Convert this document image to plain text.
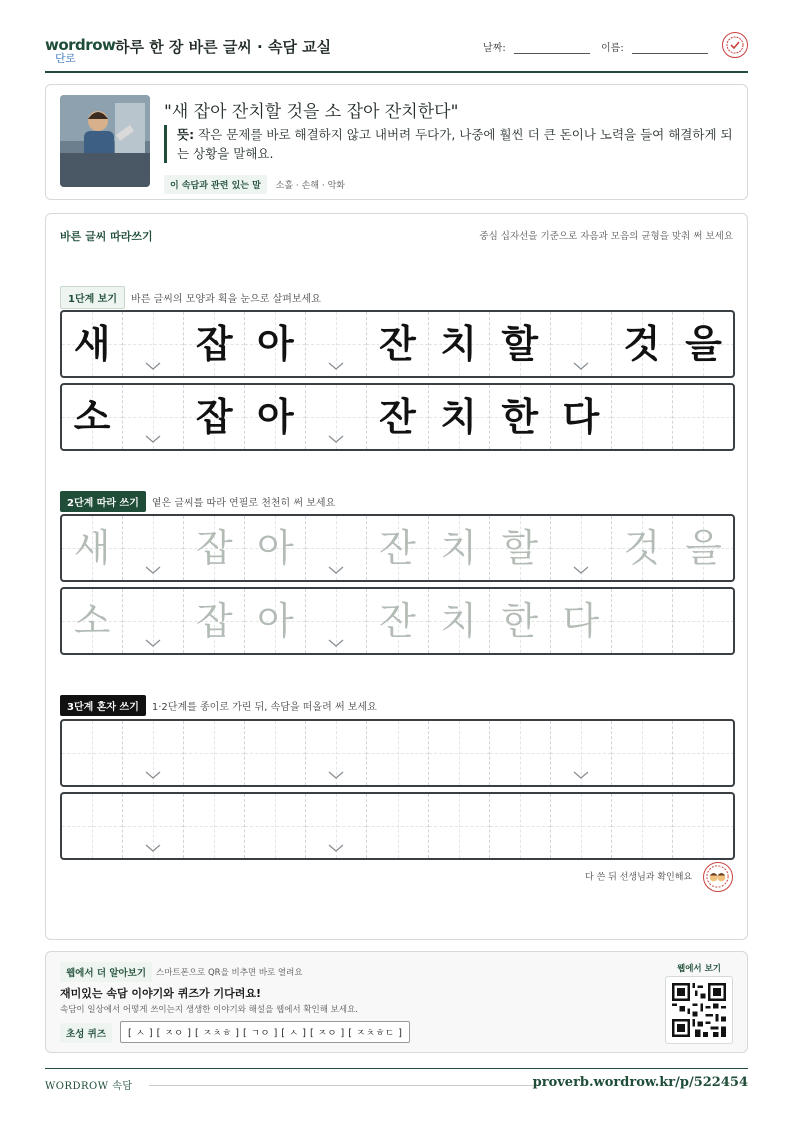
wordrow
단로
하루 한 장 바른 글씨 · 속담 교실	날짜:	이름:
"새 잡아 잔치할 것을 소 잡아 잔치한다"
뜻: 작은 문제를 바로 해결하지 않고 내버려 두다가, 나중에 훨씬 더 큰 돈이나 노력을 들여 해결하게 되는 상황을 말해요.
이 속담과 관련 있는 말 소홀 · 손해 · 악화
바른 글씨 따라쓰기	중심 십자선을 기준으로 자음과 모음의 균형을 맞춰 써 보세요
1단계 보기 바른 글씨의 모양과 획을 눈으로 살펴보세요
새 잡 아 잔 치 할 것 을
소 잡 아 잔 치 한 다
2단계 따라 쓰기 옅은 글씨를 따라 연필로 천천히 써 보세요
새 잡 아 잔 치 할 것 을
소 잡 아 잔 치 한 다
3단계 혼자 쓰기 1·2단계를 종이로 가린 뒤, 속담을 떠올려 써 보세요
다 쓴 뒤 선생님과 확인해요
웹에서 더 알아보기	스마트폰으로 QR을 비추면 바로 열려요
재미있는 속담 이야기와 퀴즈가 기다려요!
속담이 일상에서 어떻게 쓰이는지 생생한 이야기와 해설을 웹에서 확인해 보세요.
초성 퀴즈	[ ㅅ ] [ ㅈㅇ ] [ ㅈㅊㅎ ] [ ㄱㅇ ] [ ㅅ ] [ ㅈㅇ ] [ ㅈㅊㅎㄷ ]
웹에서 보기
WORDROW 속담	proverb.wordrow.kr/p/522454
